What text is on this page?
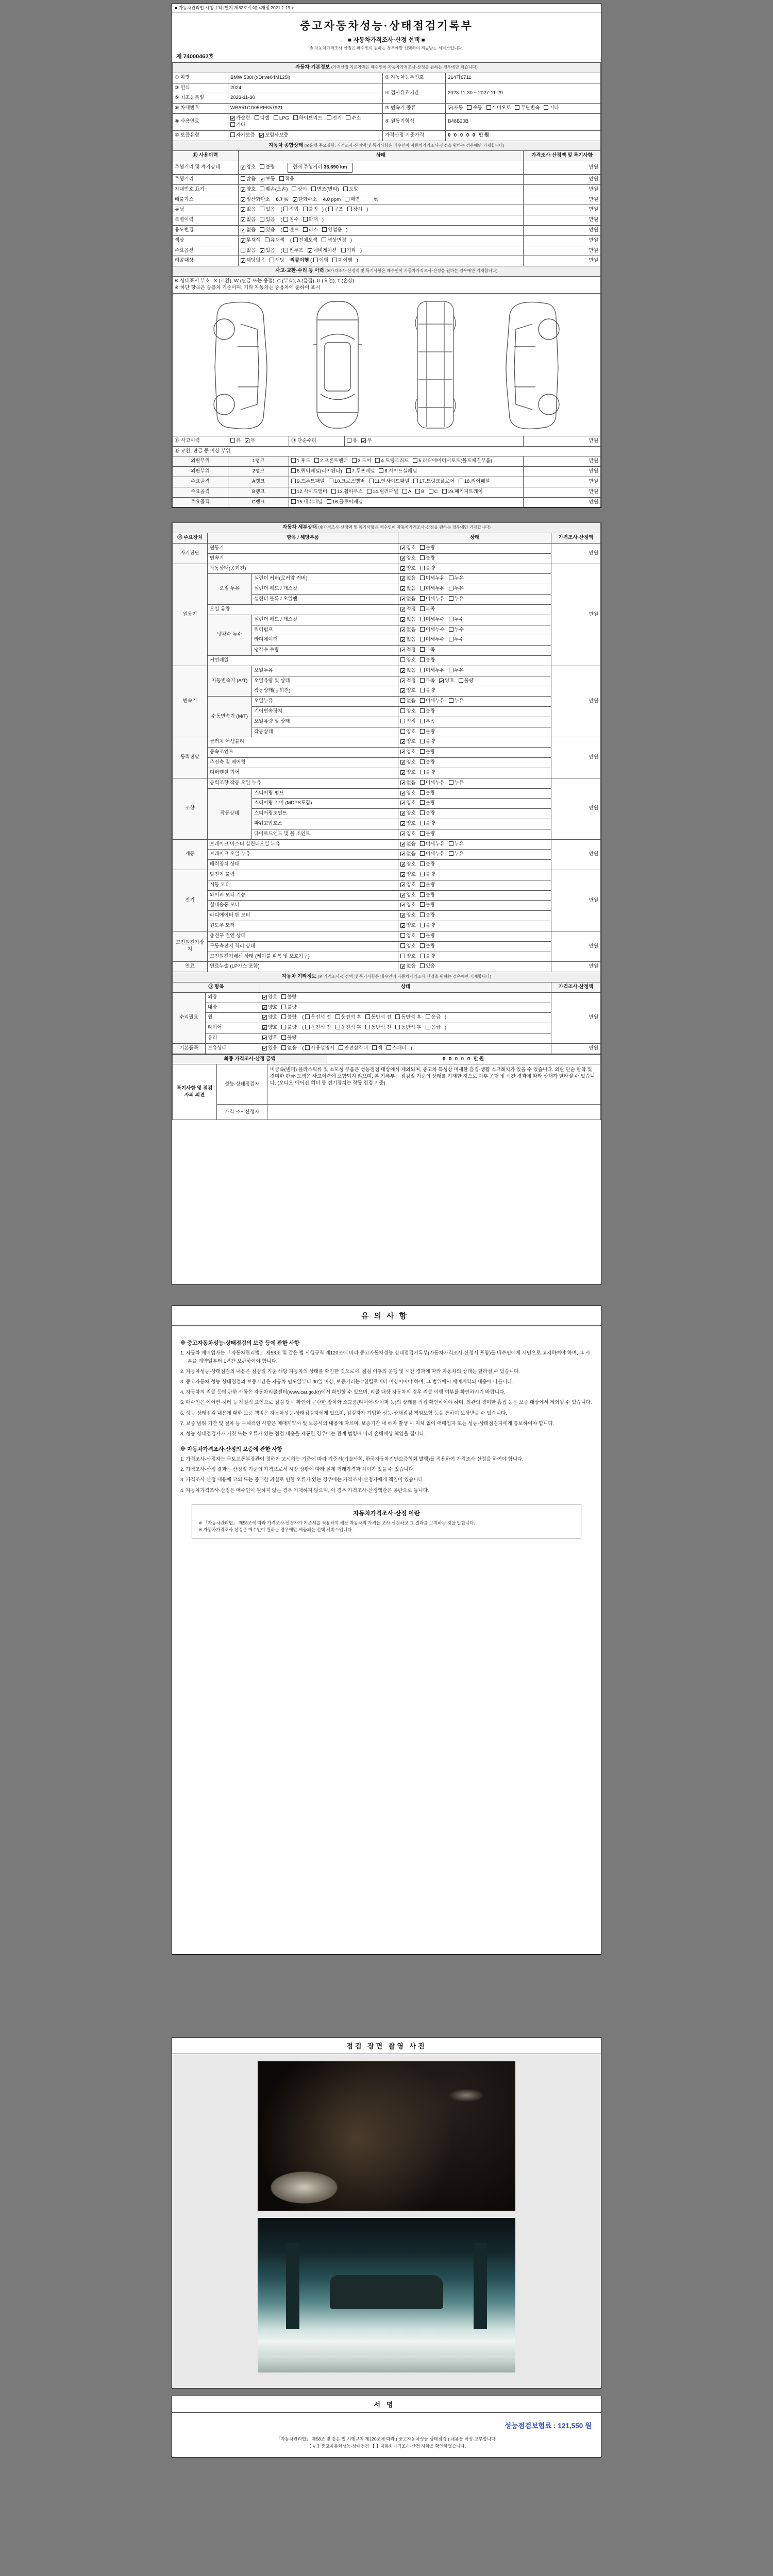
■ 자동차관리법 시행규칙 [별지 제82호서식] <개정 2021.1.19.>
중고자동차성능·상태점검기록부
■ 자동차가격조사·산정 선택 ■
※ 자동차가격조사·산정은 매수인이 원하는 경우에만 선택하여 제공받는 서비스입니다.
제 74000462호
자동차 기본정보 (가격산정 기준가격은 매수인이 자동차가격조사·산정을 원하는 경우에만 적습니다)			
① 차명	BMW 530i (xDrive04M125i)	② 자동차등록번호	214가6711
③ 연식	2024	④ 검사유효기간	2023-11-30 ~ 2027-11-29
⑤ 최초등록일	2023-11-30		
⑥ 차대번호	WBA51CD05RFK57921	⑦ 변속기 종류	✔ 자동 수동 세미오토 무단변속 기타
⑧ 사용연료	✔ 가솔린 디젤 LPG 하이브리드 전기 수소기타	⑨ 원동기형식	B48B20B
⑩ 보증유형	자가보증 ✔ 보험사보증	가격산정 기준가격	0 0 0 0 0 만원
자동차 종합상태 (※운행·주요결함, 가격조사·산정액 및 특기사항은 매수인이 자동차가격조사·산정을 원하는 경우에만 기재합니다)		
⑪ 사용이력	상태	가격조사·산정액 및 특기사항
주행거리 및 계기상태	✔ 양호 불량 현재 주행거리 36,690 km	만원
주행거리	많음 ✔ 보통 적음	만원
차대번호 표기	✔ 양호 훼손(오손) 상이 변조(변타) 도말	만원
배출가스	✔ 일산화탄소 0.7 % ✔ 탄화수소 4.0 ppm 매연  %	만원
튜닝	✔ 없음 있음 ( 적법 불법 ) ( 구조 장치 )	만원
특별이력	✔ 없음 있음 ( 침수 화재 )	만원
용도변경	✔ 없음 있음 ( 렌트 리스 영업용 )	만원
색상	✔ 무채색 유채색 ( 전체도색 색상변경 )	만원
주요옵션	없음 ✔ 있음 ( 썬루프 ✔ 네비게이션 기타 )	만원
리콜대상	✔ 해당없음 해당 리콜이행 ( 이행 미이행 )	만원
사고·교환·수리 등 이력 (※가격조사·산정액 및 특기사항은 매수인이 자동차가격조사·산정을 원하는 경우에만 기재합니다)
※ 상태표시 부호 : X (교환), W (판금 또는 용접), C (부식), A (흠집), U (요철), T (손상)
※ 하단 항목은 승용차 기준이며, 기타 자동차는 승용차에 준하여 표시

⑬ 사고이력	유 ✔ 무	⑭ 단순수리	유 ✔ 무	만원
⑮ 교환, 판금 등 이상 부위				
외판부위	1랭크	1.후드 2.프론트펜더 3.도어 4.트렁크리드 5.라디에이터서포트(볼트체결부품)		만원
외판부위	2랭크	6.쿼터패널(리어펜더) 7.루프패널 8.사이드실패널		만원
주요골격	A랭크	9.프론트패널 10.크로스멤버 11.인사이드패널 17.트렁크플로어 18.리어패널		만원
주요골격	B랭크	12.사이드멤버 13.휠하우스 14.필러패널 A B C 19.패키지트레이		만원
주요골격	C랭크	15.대쉬패널 16.플로어패널		만원
자동차 세부상태 (※가격조사·산정액 및 특기사항은 매수인이 자동차가격조사·산정을 원하는 경우에만 기재합니다)				
⑯ 주요장치	항목 / 해당부품		상태	가격조사·산정액
자기진단	원동기		✔ 양호 불량	만원
	변속기		✔ 양호 불량	
원동기	작동상태(공회전)		✔ 양호 불량	만원
	오일 누유	실린더 커버(로커암 커버)	✔ 없음 미세누유 누유	
		실린더 헤드 / 개스킷	✔ 없음 미세누유 누유	
		실린더 블록 / 오일팬	✔ 없음 미세누유 누유	
	오일 유량		✔ 적정 부족	
	냉각수 누수	실린더 헤드 / 개스킷	✔ 없음 미세누수 누수	
		워터펌프	✔ 없음 미세누수 누수	
		라디에이터	✔ 없음 미세누수 누수	
		냉각수 수량	✔ 적정 부족	
	커먼레일		양호 불량	
변속기	자동변속기 (A/T)	오일누유	✔ 없음 미세누유 누유	만원
		오일유량 및 상태	✔ 적정 부족 ✔ 양호 불량	
		작동상태(공회전)	✔ 양호 불량	
	수동변속기 (M/T)	오일누유	없음 미세누유 누유	
		기어변속장치	양호 불량	
		오일유량 및 상태	적정 부족	
		작동상태	양호 불량	
동력전달	클러치 어셈블리		✔ 양호 불량	만원
	등속조인트		✔ 양호 불량	
	추진축 및 베어링		✔ 양호 불량	
	디퍼렌셜 기어		✔ 양호 불량	
조향	동력조향 작동 오일 누유		✔ 없음 미세누유 누유	만원
	작동상태	스티어링 펌프	✔ 양호 불량	
		스티어링 기어 (MDPS포함)	✔ 양호 불량	
		스티어링조인트	✔ 양호 불량	
		파워고압호스	✔ 양호 불량	
		타이로드엔드 및 볼 조인트	✔ 양호 불량	
제동	브레이크 마스터 실린더오일 누유		✔ 없음 미세누유 누유	만원
	브레이크 오일 누유		✔ 없음 미세누유 누유	
	배력장치 상태		✔ 양호 불량	
전기	발전기 출력		✔ 양호 불량	만원
	시동 모터		✔ 양호 불량	
	와이퍼 모터 기능		✔ 양호 불량	
	실내송풍 모터		✔ 양호 불량	
	라디에이터 팬 모터		✔ 양호 불량	
	윈도우 모터		✔ 양호 불량	
고전원전기장치	충전구 절연 상태		양호 불량	만원
	구동축전지 격리 상태		양호 불량	
	고전원전기배선 상태 (케이블 피복 및 보호기구)		양호 불량	
연료	연료누출 (LP가스 포함)		✔ 없음 있음	만원
자동차 기타정보 (※ 가격조사·산정액 및 특기사항은 매수인이 자동차가격조사·산정을 원하는 경우에만 기재합니다)			
⑰ 항목		상태	가격조사·산정액
수리필요	외장	✔ 양호 불량	만원
	내장	✔ 양호 불량	
	휠	✔ 양호 불량 ( 운전석 전 운전석 후 동반석 전 동반석 후 응급 )	
	타이어	✔ 양호 불량 ( 운전석 전 운전석 후 동반석 전 동반석 후 응급 )	
	유리	✔ 양호 불량	
기본품목	보유상태	✔ 있음 없음 ( 사용설명서 안전삼각대 잭 스패너 )	만원
최종 가격조사·산정 금액	0 0 0 0 0 만원
특기사항 및 점검자의 의견	성능·상태점검자	비금속(범퍼) 플라스틱류 및 소모성 부품은 성능점검 대상에서 제외되며, 중고차 특성상 미세한 흠집·생활 스크래치가 있을 수 있습니다. 외판 단순 탈착 및 경미한 판금·도색은 사고이력에 포함되지 않으며, 본 기록부는 점검일 기준의 상태를 기재한 것으로 이후 운행 및 시간 경과에 따라 상태가 달라질 수 있습니다. (오디오·에어컨·히터 등 전기장치는 작동 점검 기준)
	가격·조사산정자	
유의사항
※ 중고자동차성능·상태점검의 보증 등에 관한 사항
1. 자동차 매매업자는 「자동차관리법」 제58조 및 같은 법 시행규칙 제120조에 따라 중고자동차성능·상태점검기록부(자동차가격조사·산정서 포함)를 매수인에게 서면으로 고지하여야 하며, 그 사본을 계약일부터 1년간 보관하여야 합니다.
2. 자동차성능·상태점검의 내용은 점검일 기준 해당 자동차의 상태를 확인한 것으로서, 점검 이후의 운행 및 시간 경과에 따라 자동차의 상태는 달라질 수 있습니다.
3. 중고자동차 성능·상태점검의 보증기간은 자동차 인도일부터 30일 이상, 보증거리는 2천킬로미터 이상이어야 하며, 그 범위에서 매매계약의 내용에 따릅니다.
4. 자동차의 리콜 등에 관한 사항은 자동차리콜센터(www.car.go.kr)에서 확인할 수 있으며, 리콜 대상 자동차의 경우 리콜 이행 여부를 확인하시기 바랍니다.
5. 매수인은 에어컨·히터 등 계절적 요인으로 점검 당시 확인이 곤란한 장치와 소모품(타이어·와이퍼 등)의 상태를 직접 확인하여야 하며, 외관의 경미한 흠집 등은 보증 대상에서 제외될 수 있습니다.
6. 성능·상태점검 내용에 대한 보증 책임은 자동차성능·상태점검자에게 있으며, 점검자가 가입한 성능·상태점검 책임보험 등을 통하여 보상받을 수 있습니다.
7. 보증 범위·기간 및 절차 등 구체적인 사항은 매매계약서 및 보증서의 내용에 따르며, 보증기간 내 하자 발생 시 지체 없이 매매업자 또는 성능·상태점검자에게 통보하여야 합니다.
8. 성능·상태점검자가 거짓 또는 오류가 있는 점검 내용을 제공한 경우에는 관계 법령에 따라 손해배상 책임을 집니다.
※ 자동차가격조사·산정의 보증에 관한 사항
1. 가격조사·산정자는 국토교통부장관이 정하여 고시하는 기준에 따라 기준서(기술사회, 한국자동차진단보증협회 발행)를 적용하여 가격조사·산정을 하여야 합니다.
2. 가격조사·산정 결과는 산정일 기준의 가격으로서 시장 상황에 따라 실제 거래가격과 차이가 있을 수 있습니다.
3. 가격조사·산정 내용에 고의 또는 중대한 과실로 인한 오류가 있는 경우에는 가격조사·산정자에게 책임이 있습니다.
4. 자동차가격조사·산정은 매수인이 원하지 않는 경우 기재하지 않으며, 이 경우 가격조사·산정액란은 공란으로 둡니다.
자동차가격조사·산정 이란
※ 「자동차관리법」 제58조에 따라 가격조사·산정자가 기준서를 적용하여 해당 자동차의 가격을 조사·산정하고 그 결과를 고지하는 것을 말합니다.
※ 자동차가격조사·산정은 매수인이 원하는 경우에만 제공되는 선택 서비스입니다.
점검 장면 촬영 사진
서명
성능점검보험료 : 121,550 원
「자동차관리법」 제58조 및 같은 법 시행규칙 제120조에 따라 ( 중고자동차성능·상태점검 ) 내용을 작성·교부합니다.
【 V 】중고자동차성능·상태점검 【 】자동차가격조사·산정 사항을 확인하였습니다.
